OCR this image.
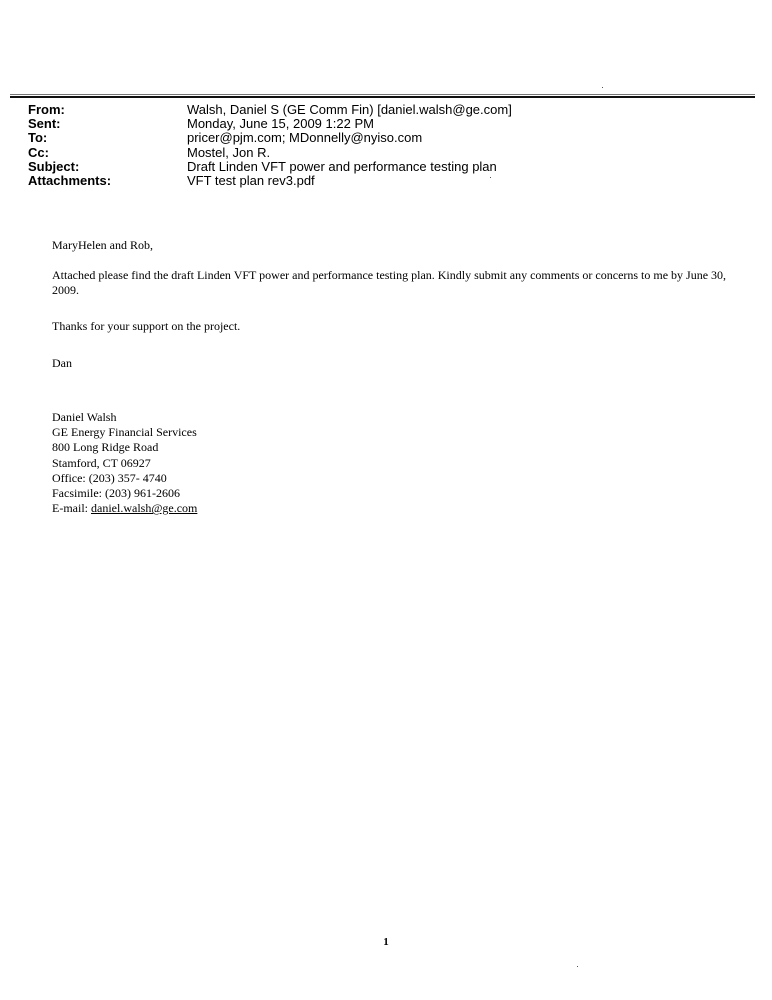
From:	Walsh, Daniel S (GE Comm Fin) [daniel.walsh@ge.com]
Sent:	Monday, June 15, 2009 1:22 PM
To:	pricer@pjm.com; MDonnelly@nyiso.com
Cc:	Mostel, Jon R.
Subject:	Draft Linden VFT power and performance testing plan
Attachments:	VFT test plan rev3.pdf

MaryHelen and Rob,

Attached please find the draft Linden VFT power and performance testing plan. Kindly submit any comments or concerns to me by June 30, 2009.

Thanks for your support on the project.

Dan

Daniel Walsh
GE Energy Financial Services
800 Long Ridge Road
Stamford, CT 06927
Office: (203) 357- 4740
Facsimile: (203) 961-2606
E-mail: daniel.walsh@ge.com
1
